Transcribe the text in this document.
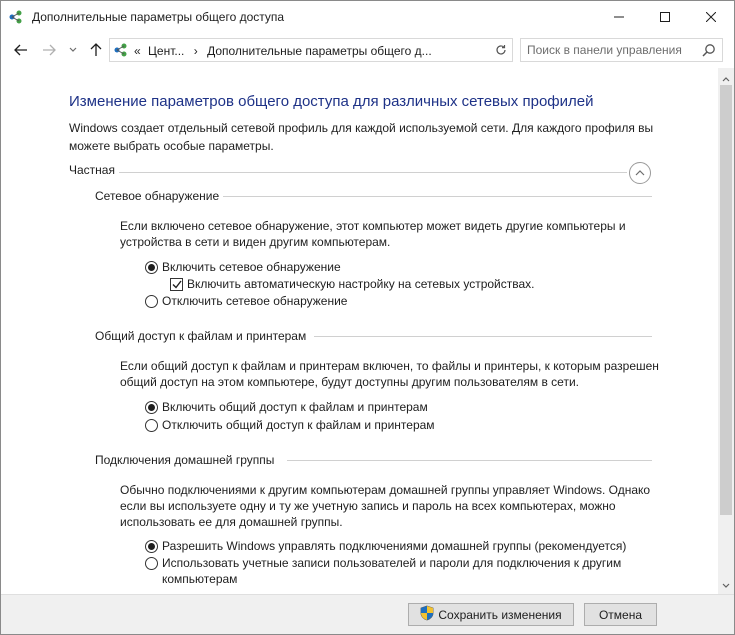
Дополнительные параметры общего доступа
« Цент... › Дополнительные параметры общего д...
Поиск в панели управления
Изменение параметров общего доступа для различных сетевых профилей
Windows создает отдельный сетевой профиль для каждой используемой сети. Для каждого профиля вы можете выбрать особые параметры.
Частная
Сетевое обнаружение
Если включено сетевое обнаружение, этот компьютер может видеть другие компьютеры и устройства в сети и виден другим компьютерам.
Включить сетевое обнаружение
Включить автоматическую настройку на сетевых устройствах.
Отключить сетевое обнаружение
Общий доступ к файлам и принтерам
Если общий доступ к файлам и принтерам включен, то файлы и принтеры, к которым разрешен общий доступ на этом компьютере, будут доступны другим пользователям в сети.
Включить общий доступ к файлам и принтерам
Отключить общий доступ к файлам и принтерам
Подключения домашней группы
Обычно подключениями к другим компьютерам домашней группы управляет Windows. Однако если вы используете одну и ту же учетную запись и пароль на всех компьютерах, можно использовать ее для домашней группы.
Разрешить Windows управлять подключениями домашней группы (рекомендуется)
Использовать учетные записи пользователей и пароли для подключения к другим компьютерам
Сохранить изменения	Отмена
